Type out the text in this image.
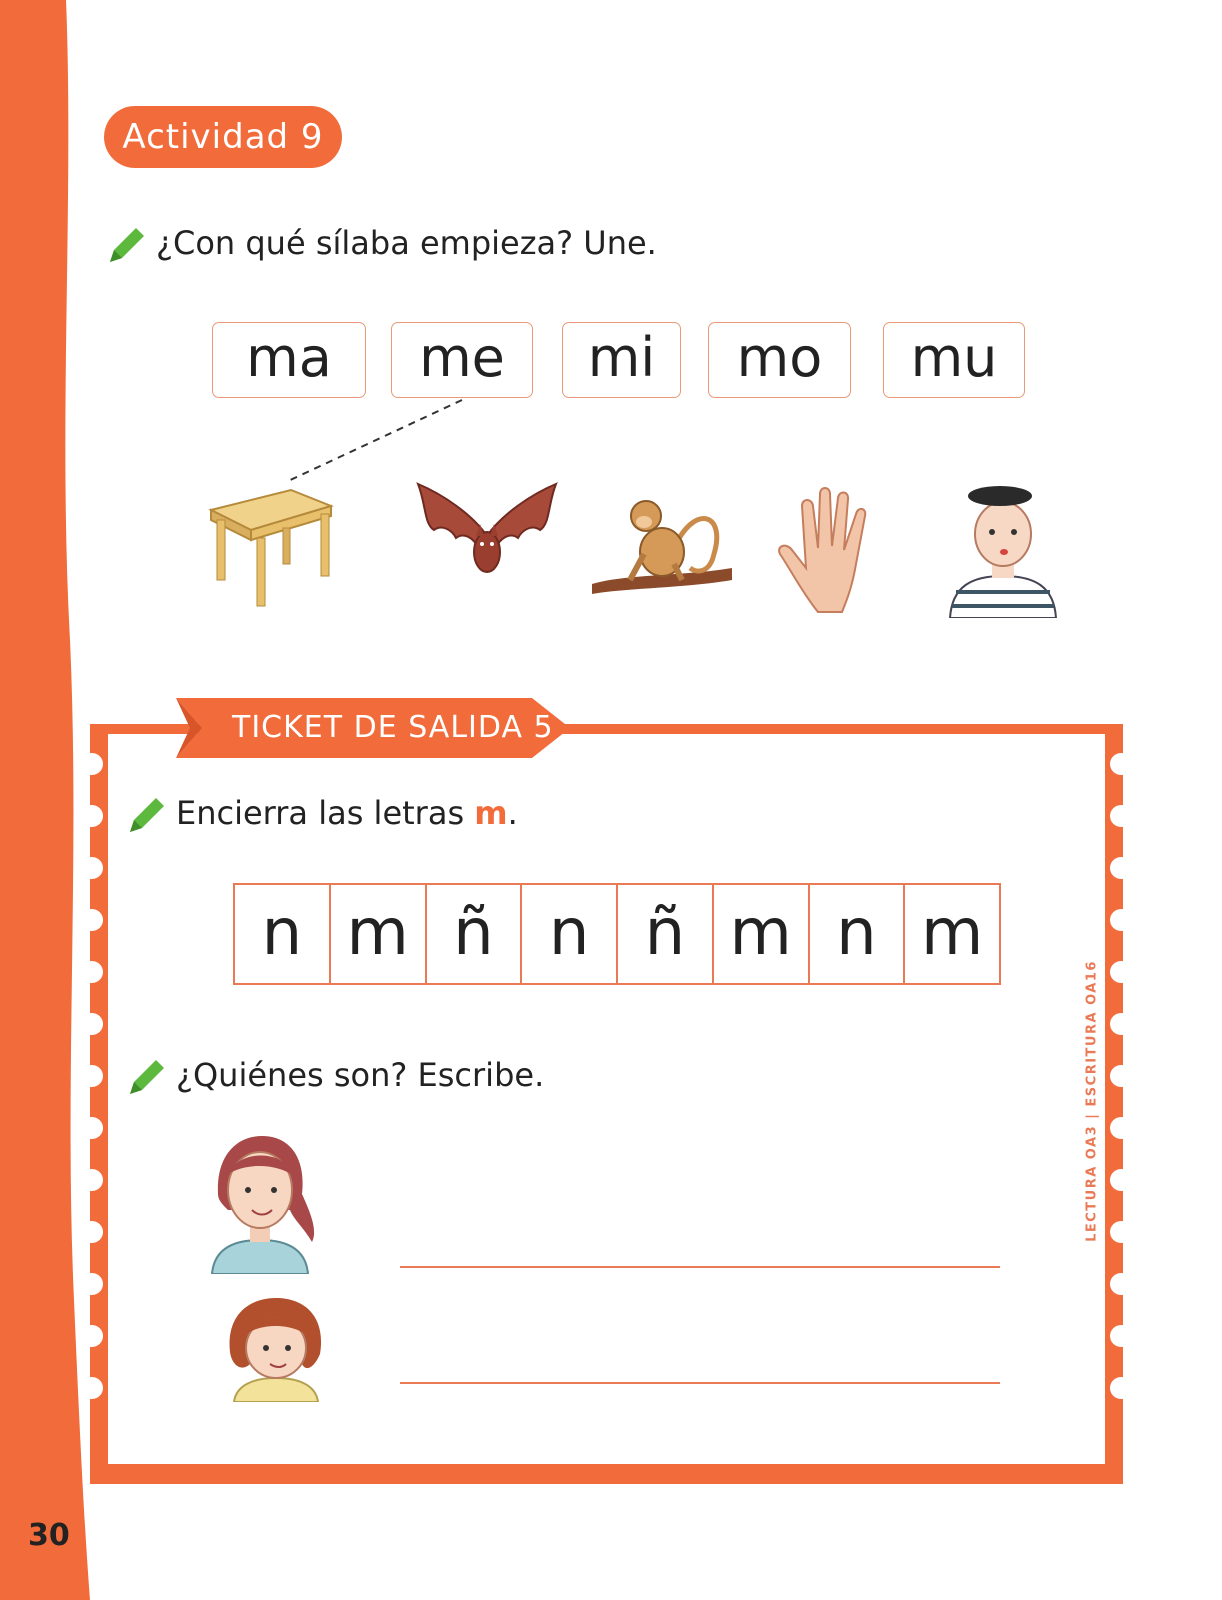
30
Actividad 9
¿Con qué sílaba empieza? Une.
ma	me	mi	mo	mu
TICKET DE SALIDA 5
Encierra las letras m.
n m ñ n ñ m n m
¿Quiénes son? Escribe.	LECTURA OA3 | ESCRITURA OA16
